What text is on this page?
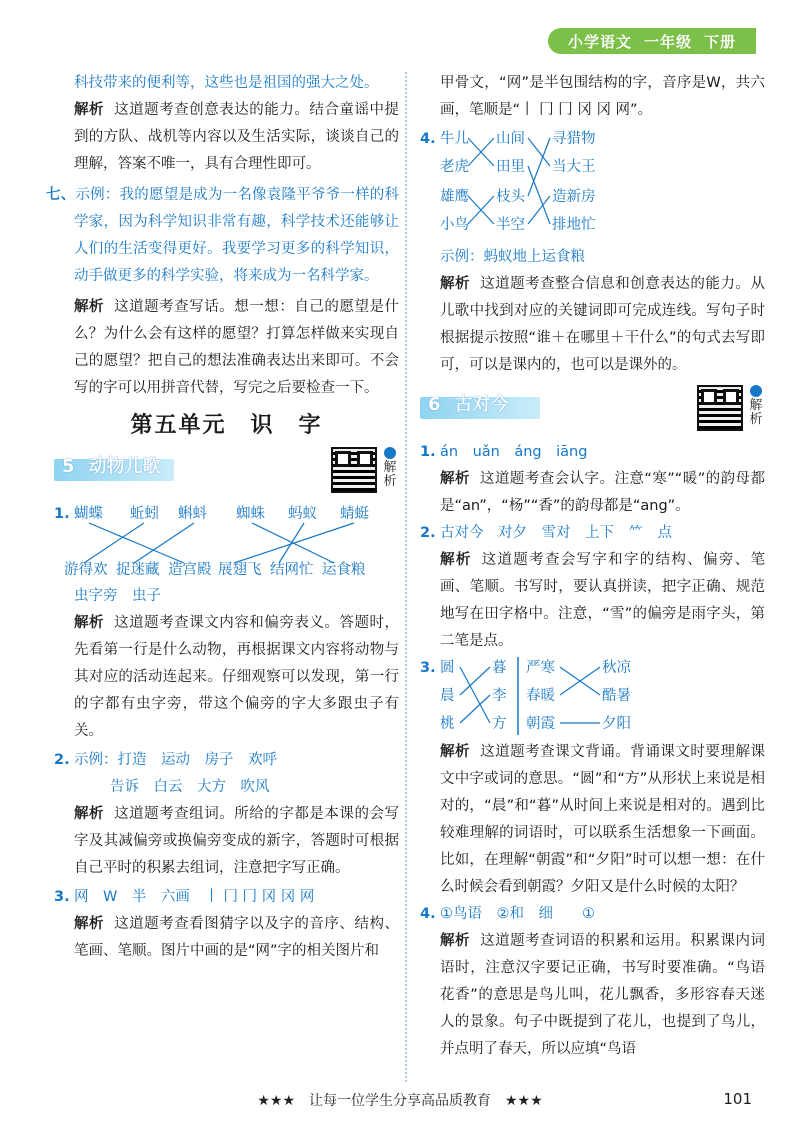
小学语文 一年级 下册

科技带来的便利等，这些也是祖国的强大之处。

解析 这道题考查创意表达的能力。结合童谣中提到的方队、战机等内容以及生活实际，谈谈自己的理解，答案不唯一，具有合理性即可。

七、示例：我的愿望是成为一名像袁隆平爷爷一样的科学家，因为科学知识非常有趣，科学技术还能够让人们的生活变得更好。我要学习更多的科学知识，动手做更多的科学实验，将来成为一名科学家。

解析 这道题考查写话。想一想：自己的愿望是什么？为什么会有这样的愿望？打算怎样做来实现自己的愿望？把自己的想法准确表达出来即可。不会写的字可以用拼音代替，写完之后要检查一下。

第五单元　识　字
5 动物儿歌	解析
1. 蝴蝶 蚯蚓 蝌蚪 蜘蛛 蚂蚁 蜻蜓
游得欢 捉迷藏 造宫殿 展翅飞 结网忙 运食粮

虫字旁　虫子

解析 这道题考查课文内容和偏旁表义。答题时，先看第一行是什么动物，再根据课文内容将动物与其对应的活动连起来。仔细观察可以发现，第一行的字都有虫字旁，带这个偏旁的字大多跟虫子有关。

2. 示例：打造　运动　房子　欢呼

告诉　白云　大方　吹风

解析 这道题考查组词。所给的字都是本课的会写字及其减偏旁或换偏旁变成的新字，答题时可根据自己平时的积累去组词，注意把字写正确。

3. 网　W　半　六画　丨 冂 冂 冈 冈 网

解析 这道题考查看图猜字以及字的音序、结构、笔画、笔顺。图片中画的是“网”字的相关图片和

甲骨文，“网”是半包围结构的字，音序是W，共六画，笔顺是“丨 冂 冂 冈 冈 网”。

4. 牛儿
老虎
雄鹰
小鸟
山间
田里
枝头
半空
寻猎物
当大王
造新房
排地忙

示例：蚂蚁地上运食粮

解析 这道题考查整合信息和创意表达的能力。从儿歌中找到对应的关键词即可完成连线。写句子时根据提示按照“谁＋在哪里＋干什么”的句式去写即可，可以是课内的，也可以是课外的。

6 古对今	解析

1. án　uǎn　áng　iāng

解析 这道题考查会认字。注意“寒”“暖”的韵母都是“an”，“杨”“香”的韵母都是“ang”。

2. 古对今　对夕　雪对　上下　⺮　点

解析 这道题考查会写字和字的结构、偏旁、笔画、笔顺。书写时，要认真拼读，把字正确、规范地写在田字格中。注意，“雪”的偏旁是雨字头，第二笔是点。

3. 圆
晨
桃
暮
李
方
严寒
春暖
朝霞
秋凉
酷暑
夕阳

解析 这道题考查课文背诵。背诵课文时要理解课文中字或词的意思。“圆”和“方”从形状上来说是相对的，“晨”和“暮”从时间上来说是相对的。遇到比较难理解的词语时，可以联系生活想象一下画面。比如，在理解“朝霞”和“夕阳”时可以想一想：在什么时候会看到朝霞？夕阳又是什么时候的太阳？

4. ①鸟语　②和　细　　①

解析 这道题考查词语的积累和运用。积累课内词语时，注意汉字要记正确，书写时要准确。“鸟语花香”的意思是鸟儿叫，花儿飘香，多形容春天迷人的景象。句子中既提到了花儿，也提到了鸟儿，并点明了春天，所以应填“鸟语

★★★　让每一位学生分享高品质教育　★★★	101
